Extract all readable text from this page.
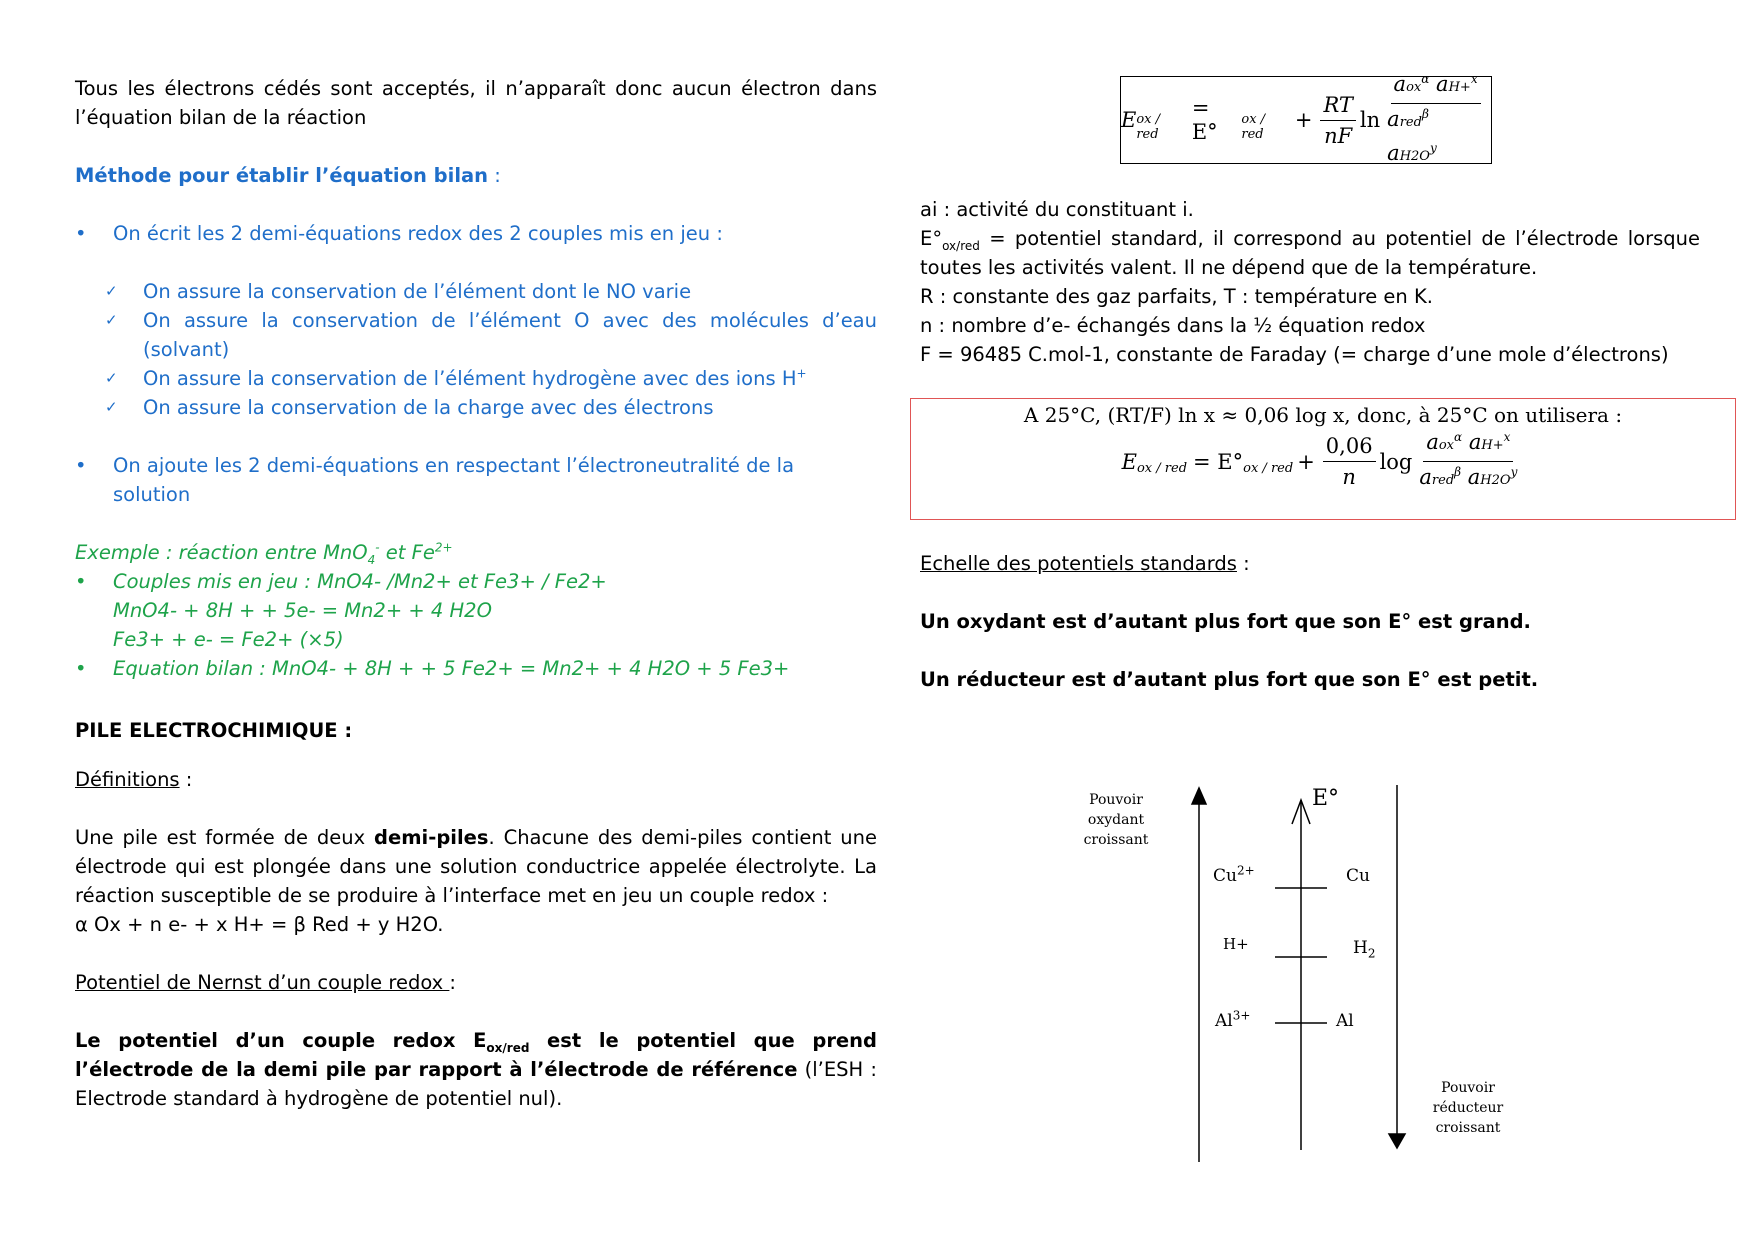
Tous les électrons cédés sont acceptés, il n’apparaît donc aucun électron dans l’équation bilan de la réaction

Méthode pour établir l’équation bilan :

• On écrit les 2 demi-équations redox des 2 couples mis en jeu :

✓ On assure la conservation de l’élément dont le NO varie

✓ On assure la conservation de l’élément O avec des molécules d’eau (solvant)

✓ On assure la conservation de l’élément hydrogène avec des ions H+

✓ On assure la conservation de la charge avec des électrons

• On ajoute les 2 demi-équations en respectant l’électroneutralité de la solution

Exemple : réaction entre MnO$_4$- et $Fe^{2+}$

• Couples mis en jeu : MnO4- /Mn2+ et Fe3+ / Fe2+

MnO4- + 8H + + 5e- = Mn2+ + 4 H2O

Fe3+ + e- = Fe2+ (×5)

• Equation bilan : MnO4- + 8H + + 5 Fe2+ = Mn2+ + 4 H2O + 5 Fe3+

PILE ELECTROCHIMIQUE :

Définitions :

Une pile est formée de deux demi-piles. Chacune des demi-piles contient une électrode qui est plongée dans une solution conductrice appelée électrolyte. La réaction susceptible de se produire à l’interface met en jeu un couple redox :

α Ox + n e- + x H+ = β Red + y H2O.

Potentiel de Nernst d’un couple redox :

Le potentiel d’un couple redox $E_{ox/red}$ est le potentiel que prend l’électrode de la demi pile par rapport à l’électrode de référence (l’ESH : Electrode standard à hydrogène de potentiel nul).

E ox / red
= E°
ox / red
+ $\frac{RT}{nF}$ $\ln \frac{aox^\alpha aH+^x}{ared^\beta aH2O^y}$

ai : activité du constituant i.

$E^\circ_{ox/red}$ = potentiel standard, il correspond au potentiel de l’électrode lorsque toutes les activités valent. Il ne dépend que de la température.

R : constante des gaz parfaits, T : température en K.

n : nombre d’e- échangés dans la ½ équation redox

F = 96485 C.mol-1, constante de Faraday (= charge d’une mole d’électrons)

A 25°C, (RT/F) ln x ≈ 0,06 log x, donc, à 25°C on utilisera :
E ox / red = E° ox / red + $\frac{0,06}{n}$ $\log \frac{aox^\alpha aH+^x}{ared^\beta aH2O^y}$

Echelle des potentiels standards :

Un oxydant est d’autant plus fort que son E° est grand.

Un réducteur est d’autant plus fort que son E° est petit.

E°
Pouvoir oxydant croissant
Pouvoir réducteur croissant
$Cu^{2+}$	Cu
H+	$H_2$
$Al^{3+}$	Al
